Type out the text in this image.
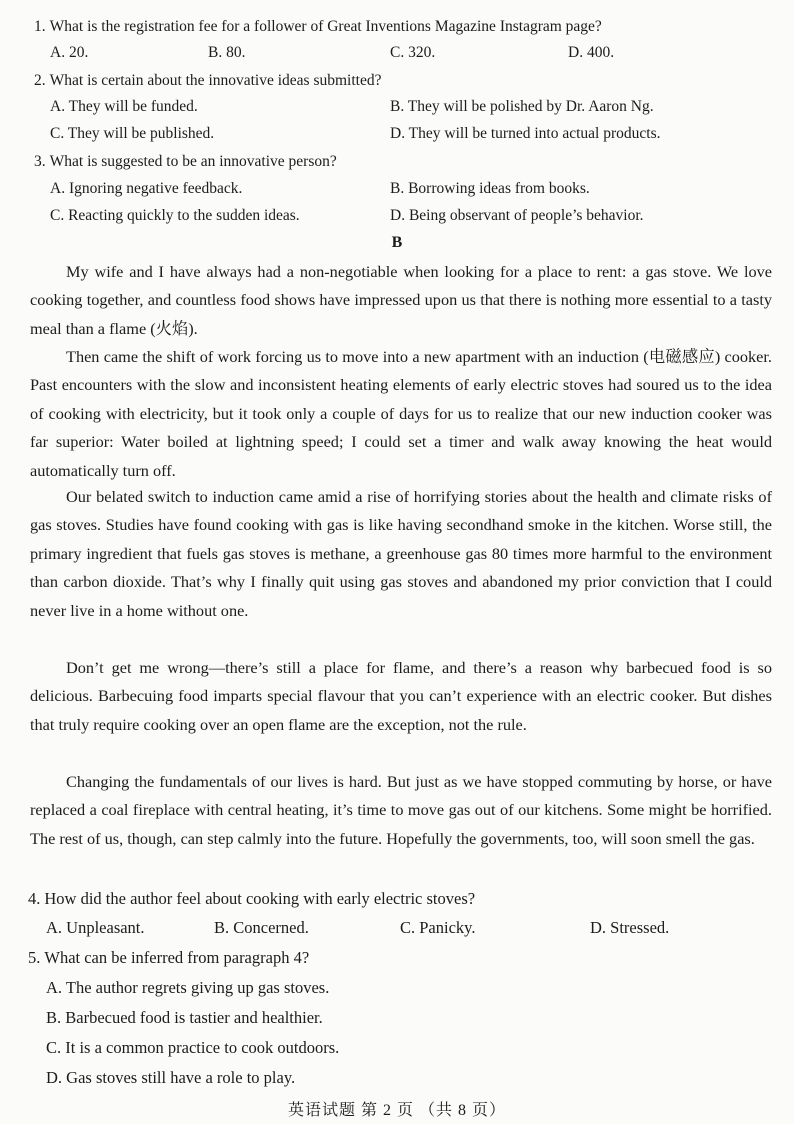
1. What is the registration fee for a follower of Great Inventions Magazine Instagram page?
A. 20.	B. 80.	C. 320.	D. 400.
2. What is certain about the innovative ideas submitted?
A. They will be funded.	B. They will be polished by Dr. Aaron Ng.
C. They will be published.	D. They will be turned into actual products.
3. What is suggested to be an innovative person?
A. Ignoring negative feedback.	B. Borrowing ideas from books.
C. Reacting quickly to the sudden ideas.	D. Being observant of people’s behavior.
B
My wife and I have always had a non-negotiable when looking for a place to rent: a gas stove. We love cooking together, and countless food shows have impressed upon us that there is nothing more essential to a tasty meal than a flame (火焰).
Then came the shift of work forcing us to move into a new apartment with an induction (电磁感应) cooker. Past encounters with the slow and inconsistent heating elements of early electric stoves had soured us to the idea of cooking with electricity, but it took only a couple of days for us to realize that our new induction cooker was far superior: Water boiled at lightning speed; I could set a timer and walk away knowing the heat would automatically turn off.
Our belated switch to induction came amid a rise of horrifying stories about the health and climate risks of gas stoves. Studies have found cooking with gas is like having secondhand smoke in the kitchen. Worse still, the primary ingredient that fuels gas stoves is methane, a greenhouse gas 80 times more harmful to the environment than carbon dioxide. That’s why I finally quit using gas stoves and abandoned my prior conviction that I could never live in a home without one.
Don’t get me wrong—there’s still a place for flame, and there’s a reason why barbecued food is so delicious. Barbecuing food imparts special flavour that you can’t experience with an electric cooker. But dishes that truly require cooking over an open flame are the exception, not the rule.
Changing the fundamentals of our lives is hard. But just as we have stopped commuting by horse, or have replaced a coal fireplace with central heating, it’s time to move gas out of our kitchens. Some might be horrified. The rest of us, though, can step calmly into the future. Hopefully the governments, too, will soon smell the gas.
4. How did the author feel about cooking with early electric stoves?
A. Unpleasant.	B. Concerned.	C. Panicky.	D. Stressed.
5. What can be inferred from paragraph 4?
A. The author regrets giving up gas stoves.
B. Barbecued food is tastier and healthier.
C. It is a common practice to cook outdoors.
D. Gas stoves still have a role to play.
英语试题 第 2 页 （共 8 页）
